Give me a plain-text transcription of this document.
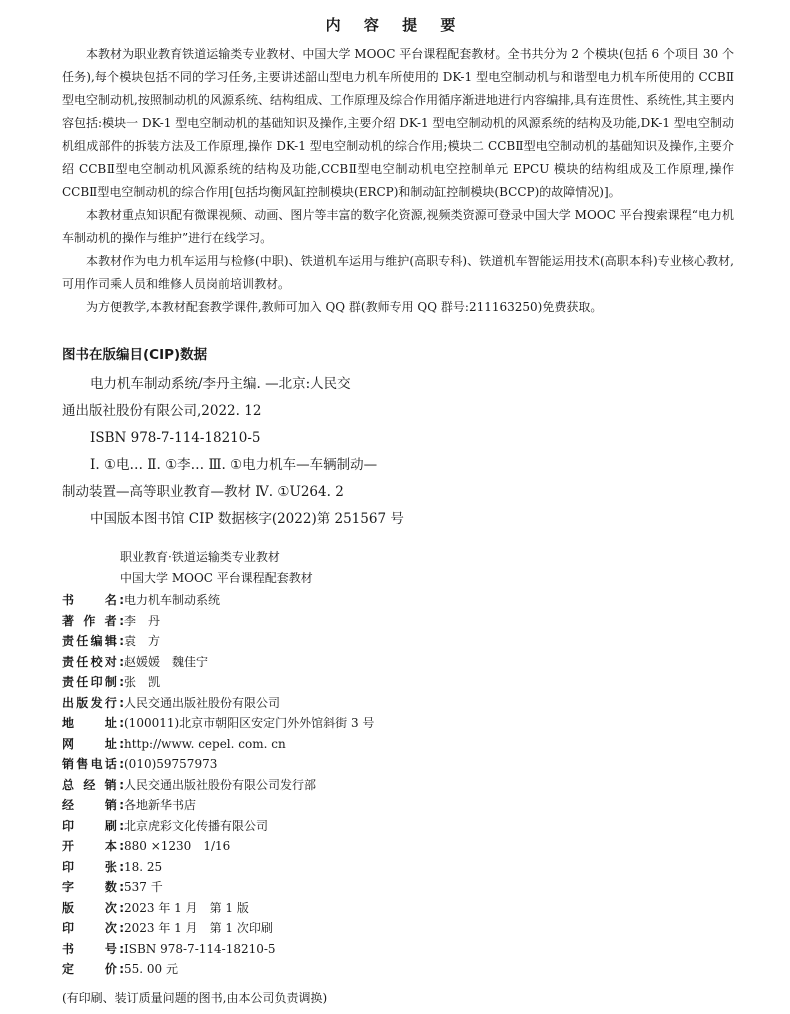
内 容 提 要

本教材为职业教育铁道运输类专业教材、中国大学 MOOC 平台课程配套教材。全书共分为 2 个模块(包括 6 个项目 30 个任务),每个模块包括不同的学习任务,主要讲述韶山型电力机车所使用的 DK-1 型电空制动机与和谐型电力机车所使用的 CCBⅡ型电空制动机,按照制动机的风源系统、结构组成、工作原理及综合作用循序渐进地进行内容编排,具有连贯性、系统性,其主要内容包括:模块一 DK-1 型电空制动机的基础知识及操作,主要介绍 DK-1 型电空制动机的风源系统的结构及功能,DK-1 型电空制动机组成部件的拆装方法及工作原理,操作 DK-1 型电空制动机的综合作用;模块二 CCBⅡ型电空制动机的基础知识及操作,主要介绍 CCBⅡ型电空制动机风源系统的结构及功能,CCBⅡ型电空制动机电空控制单元 EPCU 模块的结构组成及工作原理,操作 CCBⅡ型电空制动机的综合作用[包括均衡风缸控制模块(ERCP)和制动缸控制模块(BCCP)的故障情况)]。

本教材重点知识配有微课视频、动画、图片等丰富的数字化资源,视频类资源可登录中国大学 MOOC 平台搜索课程“电力机车制动机的操作与维护”进行在线学习。

本教材作为电力机车运用与检修(中职)、铁道机车运用与维护(高职专科)、铁道机车智能运用技术(高职本科)专业核心教材,可用作司乘人员和维修人员岗前培训教材。

为方便教学,本教材配套教学课件,教师可加入 QQ 群(教师专用 QQ 群号:211163250)免费获取。

图书在版编目(CIP)数据
电力机车制动系统/李丹主编. —北京:人民交
通出版社股份有限公司,2022. 12
ISBN 978-7-114-18210-5
Ⅰ. ①电… Ⅱ. ①李… Ⅲ. ①电力机车—车辆制动—
制动装置—高等职业教育—教材 Ⅳ. ①U264. 2
中国版本图书馆 CIP 数据核字(2022)第 251567 号
职业教育·铁道运输类专业教材
中国大学 MOOC 平台课程配套教材
书　　名: 电力机车制动系统
著 作 者: 李　丹
责任编辑: 袁　方
责任校对: 赵媛媛　魏佳宁
责任印制: 张　凯
出版发行: 人民交通出版社股份有限公司
地　　址: (100011)北京市朝阳区安定门外外馆斜街 3 号
网　　址: http://www. cepel. com. cn
销售电话: (010)59757973
总 经 销: 人民交通出版社股份有限公司发行部
经　　销: 各地新华书店
印　　刷: 北京虎彩文化传播有限公司
开　　本: 880 ×1230　1/16
印　　张: 18. 25
字　　数: 537 千
版　　次: 2023 年 1 月　第 1 版
印　　次: 2023 年 1 月　第 1 次印刷
书　　号: ISBN 978-7-114-18210-5
定　　价: 55. 00 元
(有印刷、装订质量问题的图书,由本公司负责调换)
